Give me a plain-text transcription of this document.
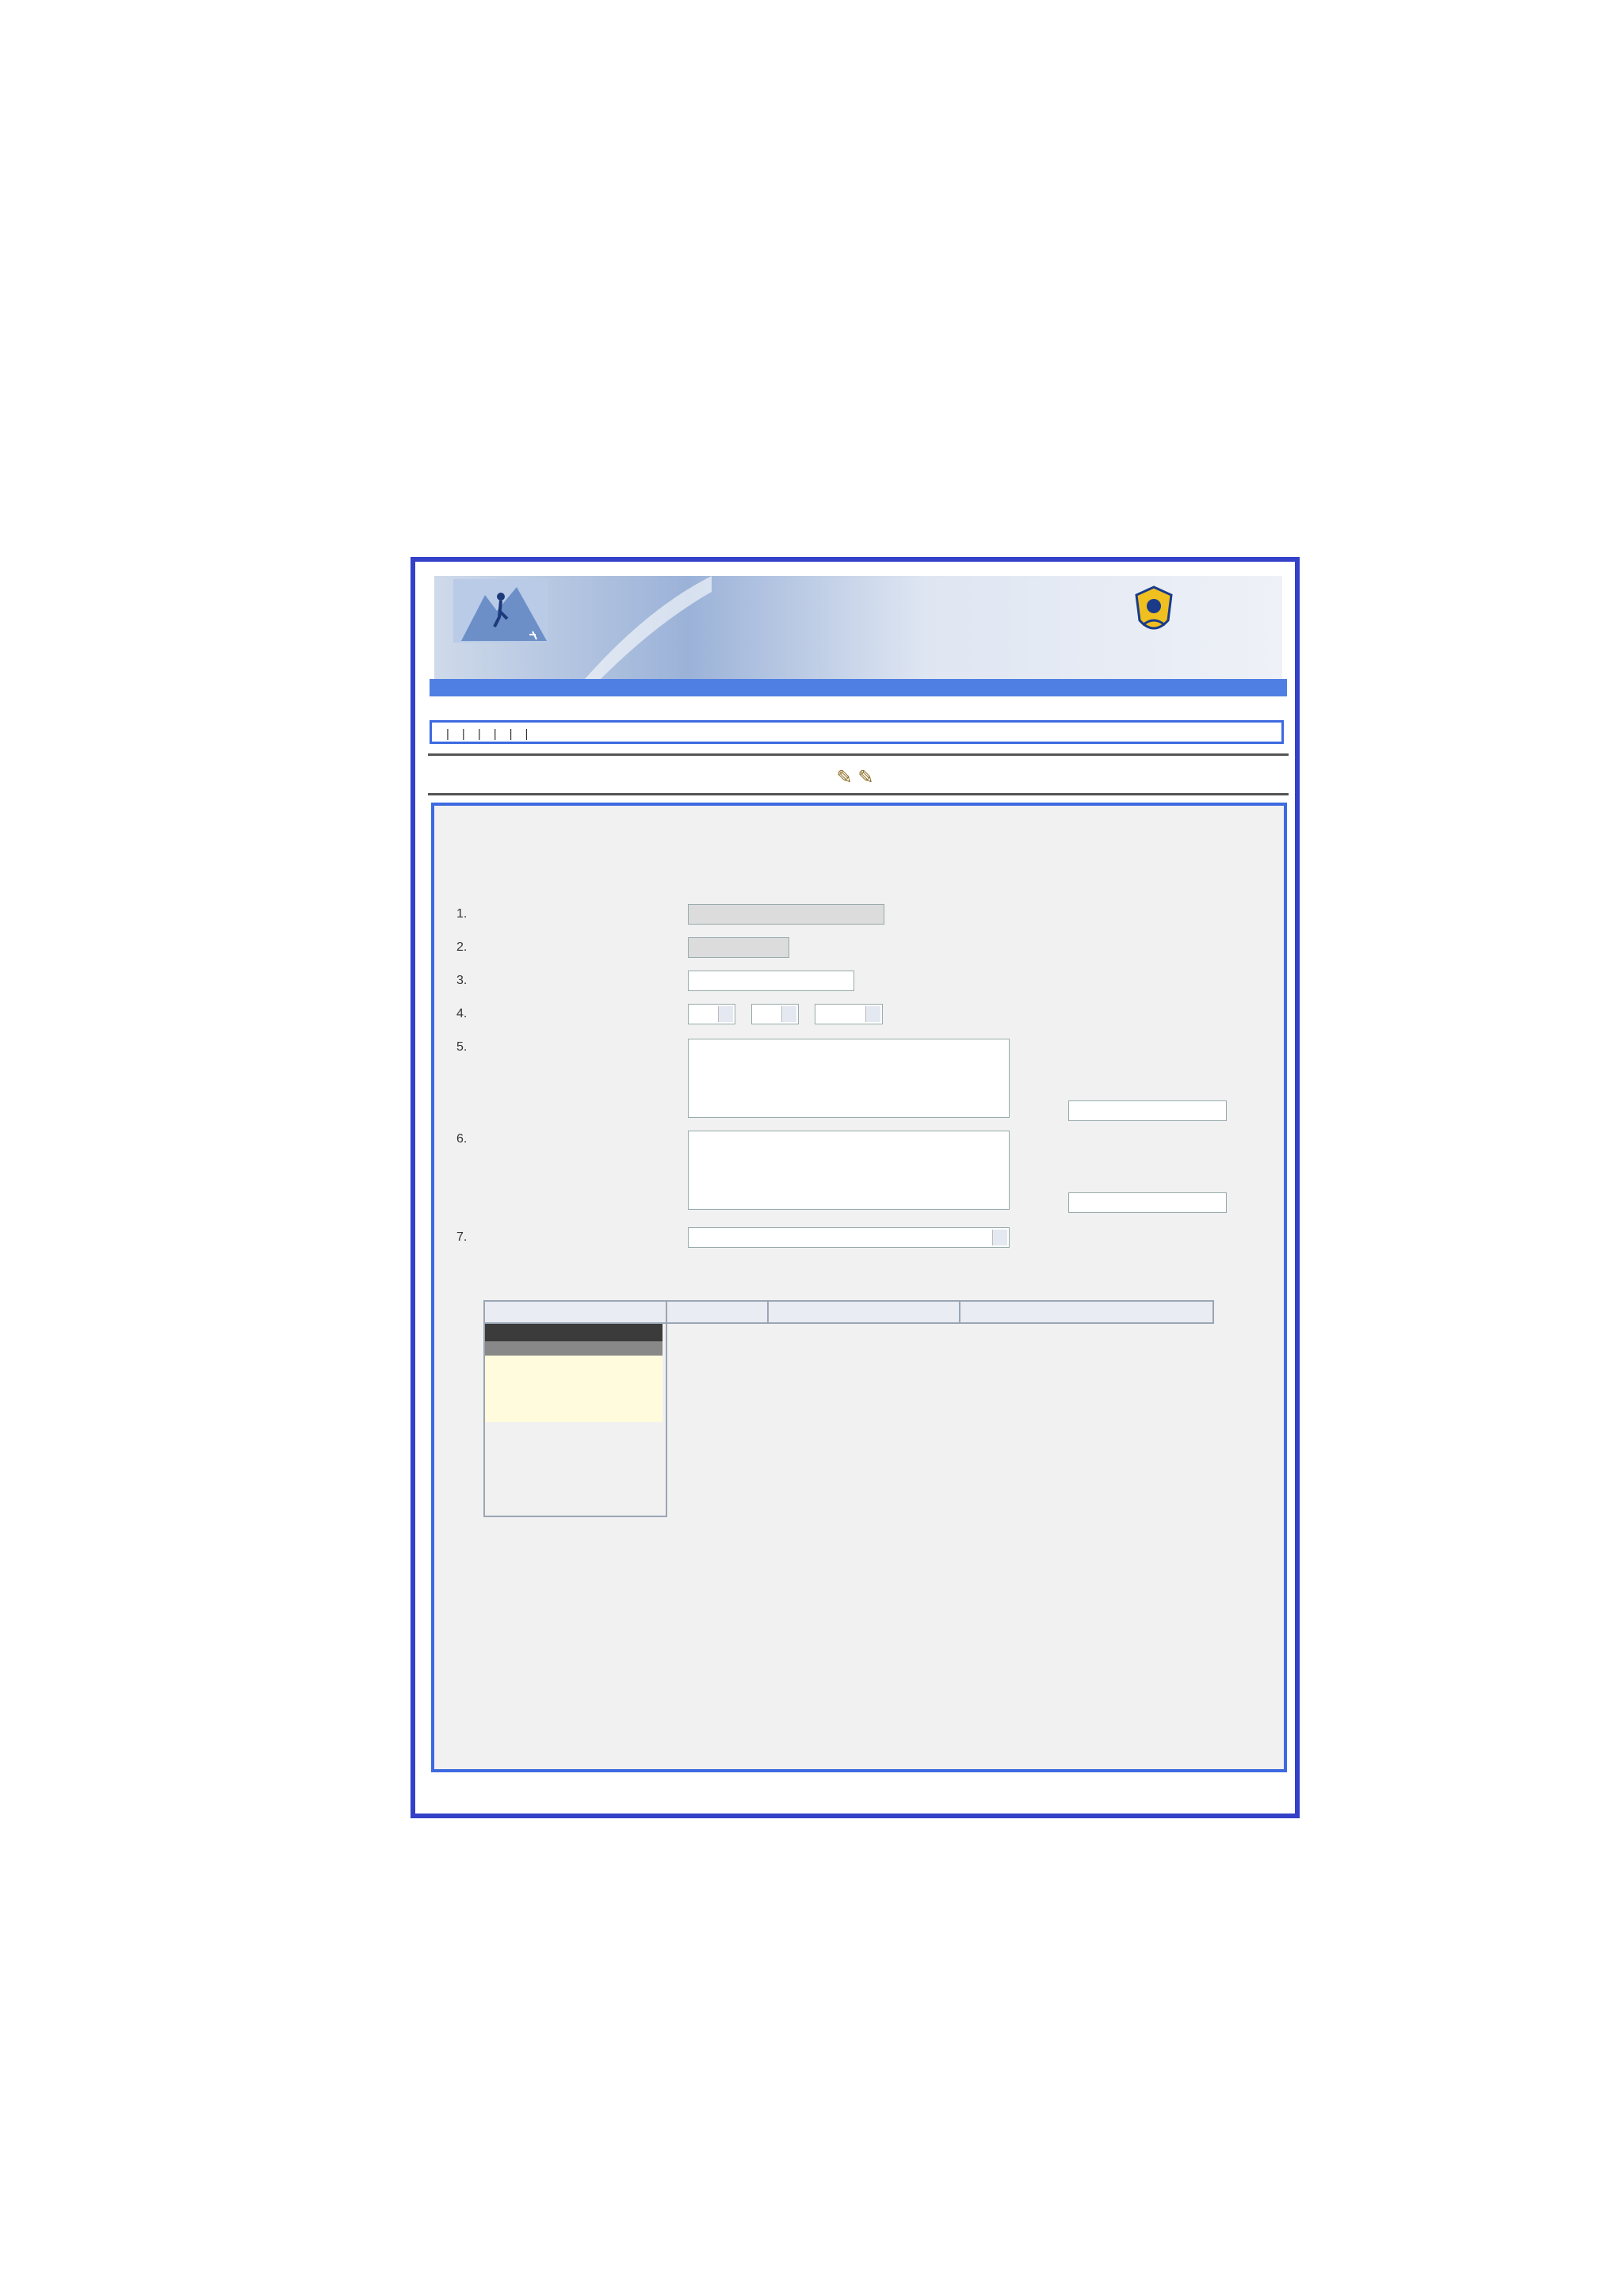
| | | | | |
✎ ✎
1.
2.
3.
4.
5.
6.
7.
